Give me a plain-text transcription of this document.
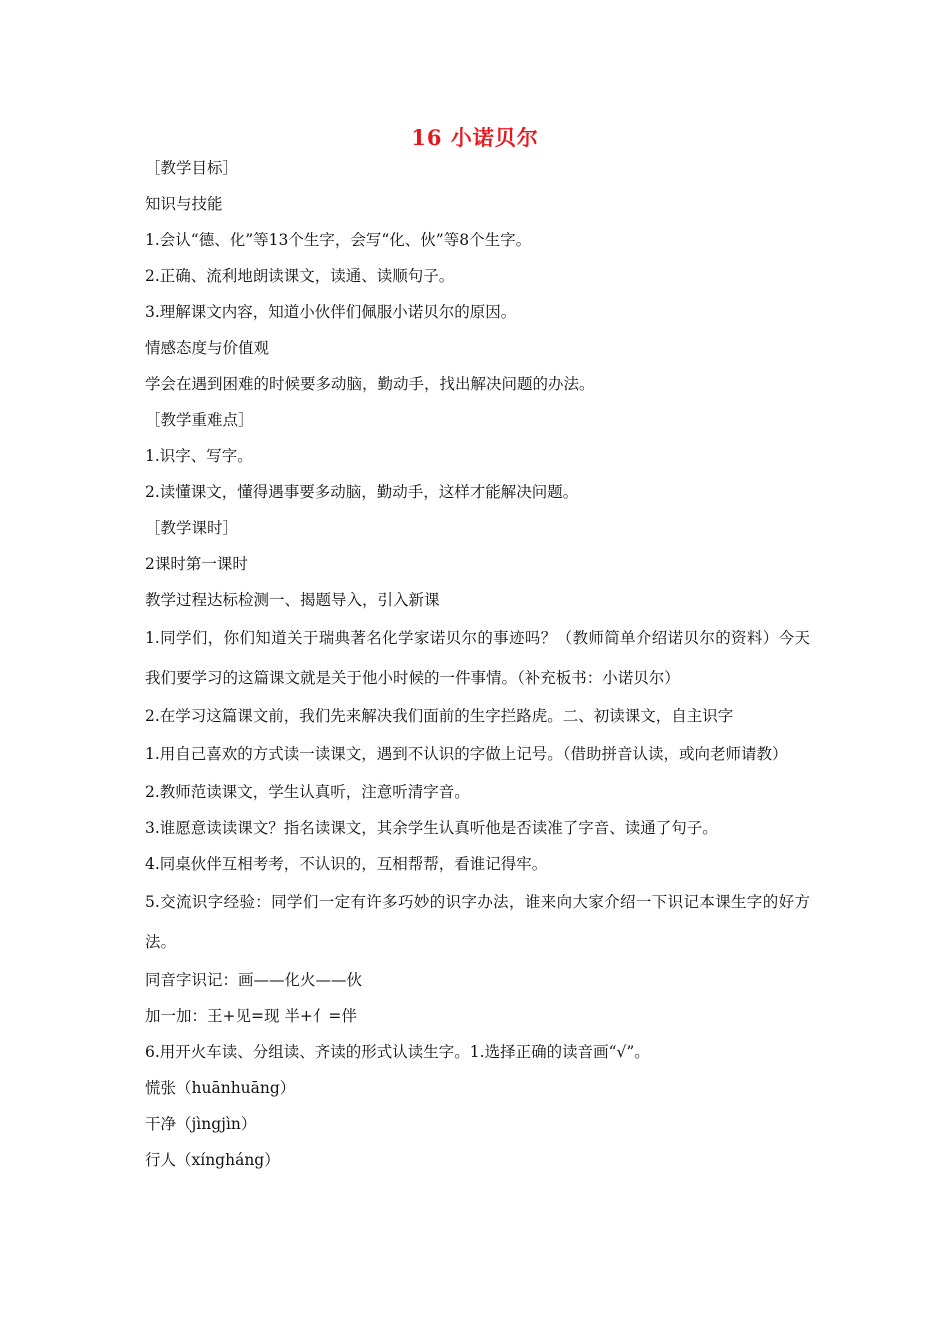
16 小诺贝尔
［教学目标］
知识与技能
1.会认“德、化”等13个生字，会写“化、伙”等8个生字。
2.正确、流利地朗读课文，读通、读顺句子。
3.理解课文内容，知道小伙伴们佩服小诺贝尔的原因。
情感态度与价值观
学会在遇到困难的时候要多动脑，勤动手，找出解决问题的办法。
［教学重难点］
1.识字、写字。
2.读懂课文，懂得遇事要多动脑，勤动手，这样才能解决问题。
［教学课时］
2课时第一课时
教学过程达标检测一、揭题导入，引入新课
1.同学们，你们知道关于瑞典著名化学家诺贝尔的事迹吗？（教师简单介绍诺贝尔的资料）今天我们要学习的这篇课文就是关于他小时候的一件事情。（补充板书：小诺贝尔）
2.在学习这篇课文前，我们先来解决我们面前的生字拦路虎。二、初读课文，自主识字
1.用自己喜欢的方式读一读课文，遇到不认识的字做上记号。（借助拼音认读，或向老师请教）
2.教师范读课文，学生认真听，注意听清字音。
3.谁愿意读读课文？指名读课文，其余学生认真听他是否读准了字音、读通了句子。
4.同桌伙伴互相考考，不认识的，互相帮帮，看谁记得牢。
5.交流识字经验：同学们一定有许多巧妙的识字办法，谁来向大家介绍一下识记本课生字的好方法。
同音字识记：画——化火——伙
加一加：王+见=现 半+亻=伴
6.用开火车读、分组读、齐读的形式认读生字。1.选择正确的读音画“√”。
慌张（huānhuāng）
干净（jìngjìn）
行人（xíngháng）
